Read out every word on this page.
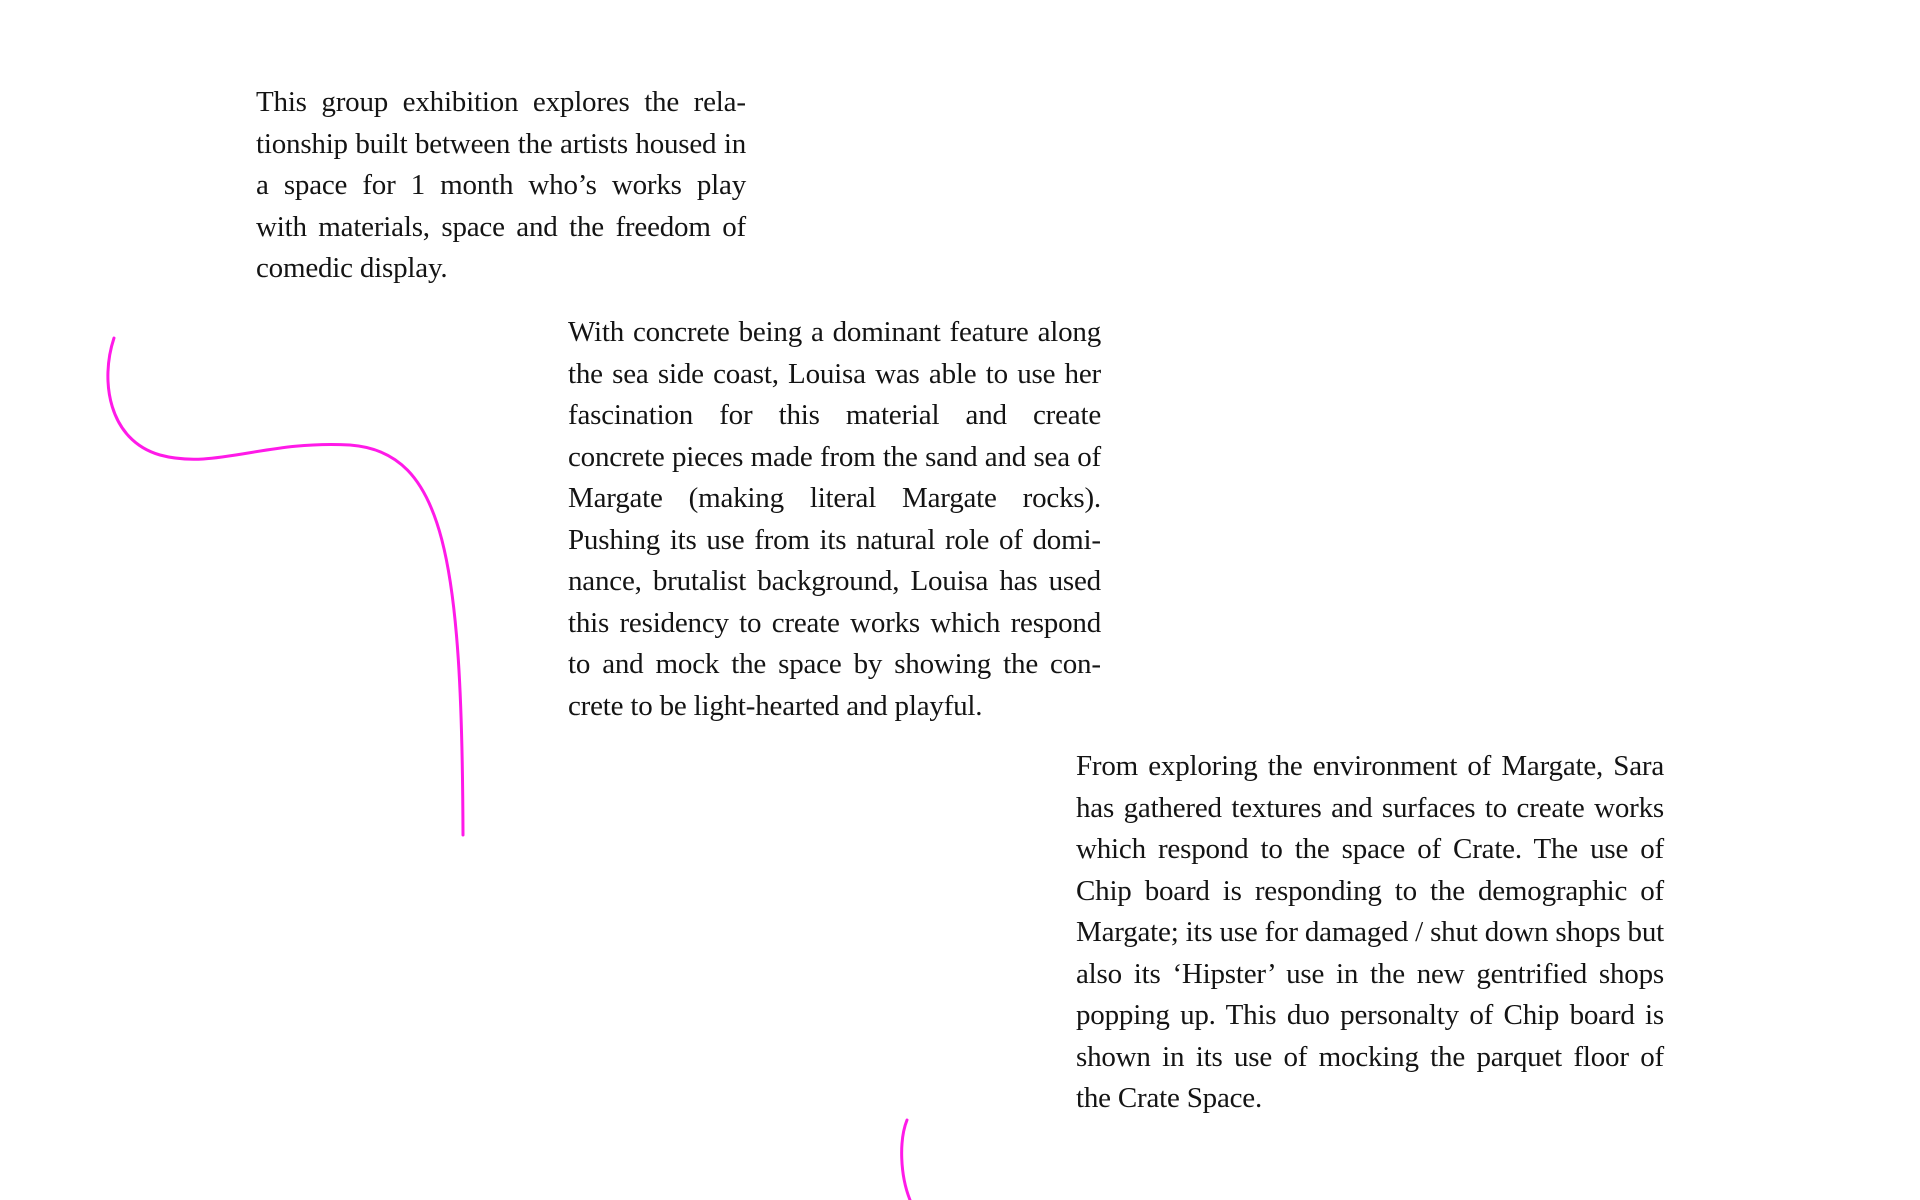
This group exhibition explores the relationship built between the artists housed in a space for 1 month who’s works play with materials, space and the freedom of comedic display.

With concrete being a dominant feature along the sea side coast, Louisa was able to use her fascination for this material and create concrete pieces made from the sand and sea of Margate (making literal Margate rocks). Pushing its use from its natural role of dominance, brutalist background, Louisa has used this residency to create works which respond to and mock the space by showing the concrete to be light-hearted and playful.

From exploring the environment of Margate, Sara has gathered textures and surfaces to create works which respond to the space of Crate. The use of Chip board is responding to the demographic of Margate; its use for damaged / shut down shops but also its ‘Hipster’ use in the new gentrified shops popping up. This duo personalty of Chip board is shown in its use of mocking the parquet floor of the Crate Space.
